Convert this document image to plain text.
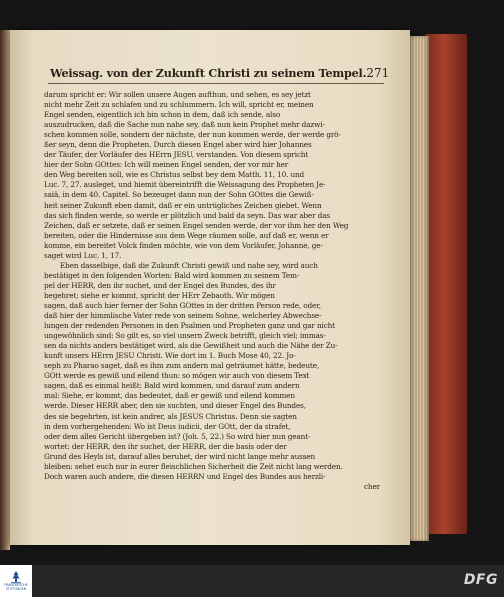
Weissag. von der Zukunft Christi zu seinem Tempel. 271
darum spricht er: Wir sollen unsere Augen aufthun, und sehen, es sey jetzt
nicht mehr Zeit zu schlafen und zu schlummern. Ich will, spricht er, meinen
Engel senden, eigentlich ich bin schon in dem, daß ich sende, also
auszudrucken, daß die Sache nun nahe sey, daß nun kein Prophet mehr dazwi-
schen kommen solle, sondern der nächste, der nun kommen werde, der werde grö-
ßer seyn, denn die Propheten. Durch diesen Engel aber wird hier Johannes
der Täufer, der Vorläufer des HErrn JESU, verstanden. Von diesem spricht
hier der Sohn GOttes: Ich will meinen Engel senden, der vor mir her
den Weg bereiten soll, wie es Christus selbst bey dem Matth. 11, 10. und
Luc. 7, 27. ausleget, und hiemit übereintrifft die Weissagung des Propheten Je-
saiä, in dem 40. Capitel. So bezeuget dann nun der Sohn GOttes die Gewiß-
heit seiner Zukunft eben damit, daß er ein untrügliches Zeichen giebet. Wenn
das sich finden werde, so werde er plötzlich und bald da seyn. Das war aber das
Zeichen, daß er setzete, daß er seinen Engel senden werde, der vor ihm her den Weg
bereiten, oder die Hindernisse aus dem Wege räumen solle, auf daß er, wenn er
komme, ein bereitet Volck finden möchte, wie von dem Vorläufer, Johanne, ge-
saget wird Luc. 1, 17.
Eben dasselbige, daß die Zukunft Christi gewiß und nahe sey, wird auch
bestätiget in den folgenden Worten: Bald wird kommen zu seinem Tem-
pel der HERR, den ihr suchet, und der Engel des Bundes, des ihr
begehret; siehe er kommt, spricht der HErr Zebaoth. Wir mögen
sagen, daß auch hier ferner der Sohn GOttes in der dritten Person rede, oder,
daß hier der himmlische Vater rede von seinem Sohne, welcherley Abwechse-
lungen der redenden Personen in den Psalmen und Propheten ganz und gar nicht
ungewöhnlich sind: So gilt es, so viel unsern Zweck betrifft, gleich viel; immas-
sen da nichts anders bestätiget wird, als die Gewißheit und auch die Nähe der Zu-
kunft unsers HErrn JESU Christi. Wie dort im 1. Buch Mose 40, 22. Jo-
seph zu Pharao saget, daß es ihm zum andern mal geträumet hätte, bedeute,
GOtt werde es gewiß und eilend thun: so mögen wir auch von diesem Text
sagen, daß es einmal heißt: Bald wird kommen, und darauf zum andern
mal: Siehe, er kommt, das bedeutet, daß er gewiß und eilend kommen
werde. Dieser HERR aber, den sie suchten, und dieser Engel des Bundes,
des sie begehrten, ist kein andrer, als JESUS Christus. Denn sie sagten
in dem vorhergehenden: Wo ist Deus iudicii, der GOtt, der da strafet,
oder dem alles Gericht übergeben ist? (Joh. 5, 22.) So wird hier nun geant-
wortet: der HERR, den ihr suchet, der HERR, der die basis oder der
Grund des Heyls ist, darauf alles beruhet, der wird nicht lange mehr aussen
bleiben: sehet euch nur in eurer fleischlichen Sicherheit die Zeit nicht lang werden.
Doch waren auch andere, die diesen HERRN und Engel des Bundes aus herzli-
cher
FRANCKESCHE
STIFTUNGEN
DFG
